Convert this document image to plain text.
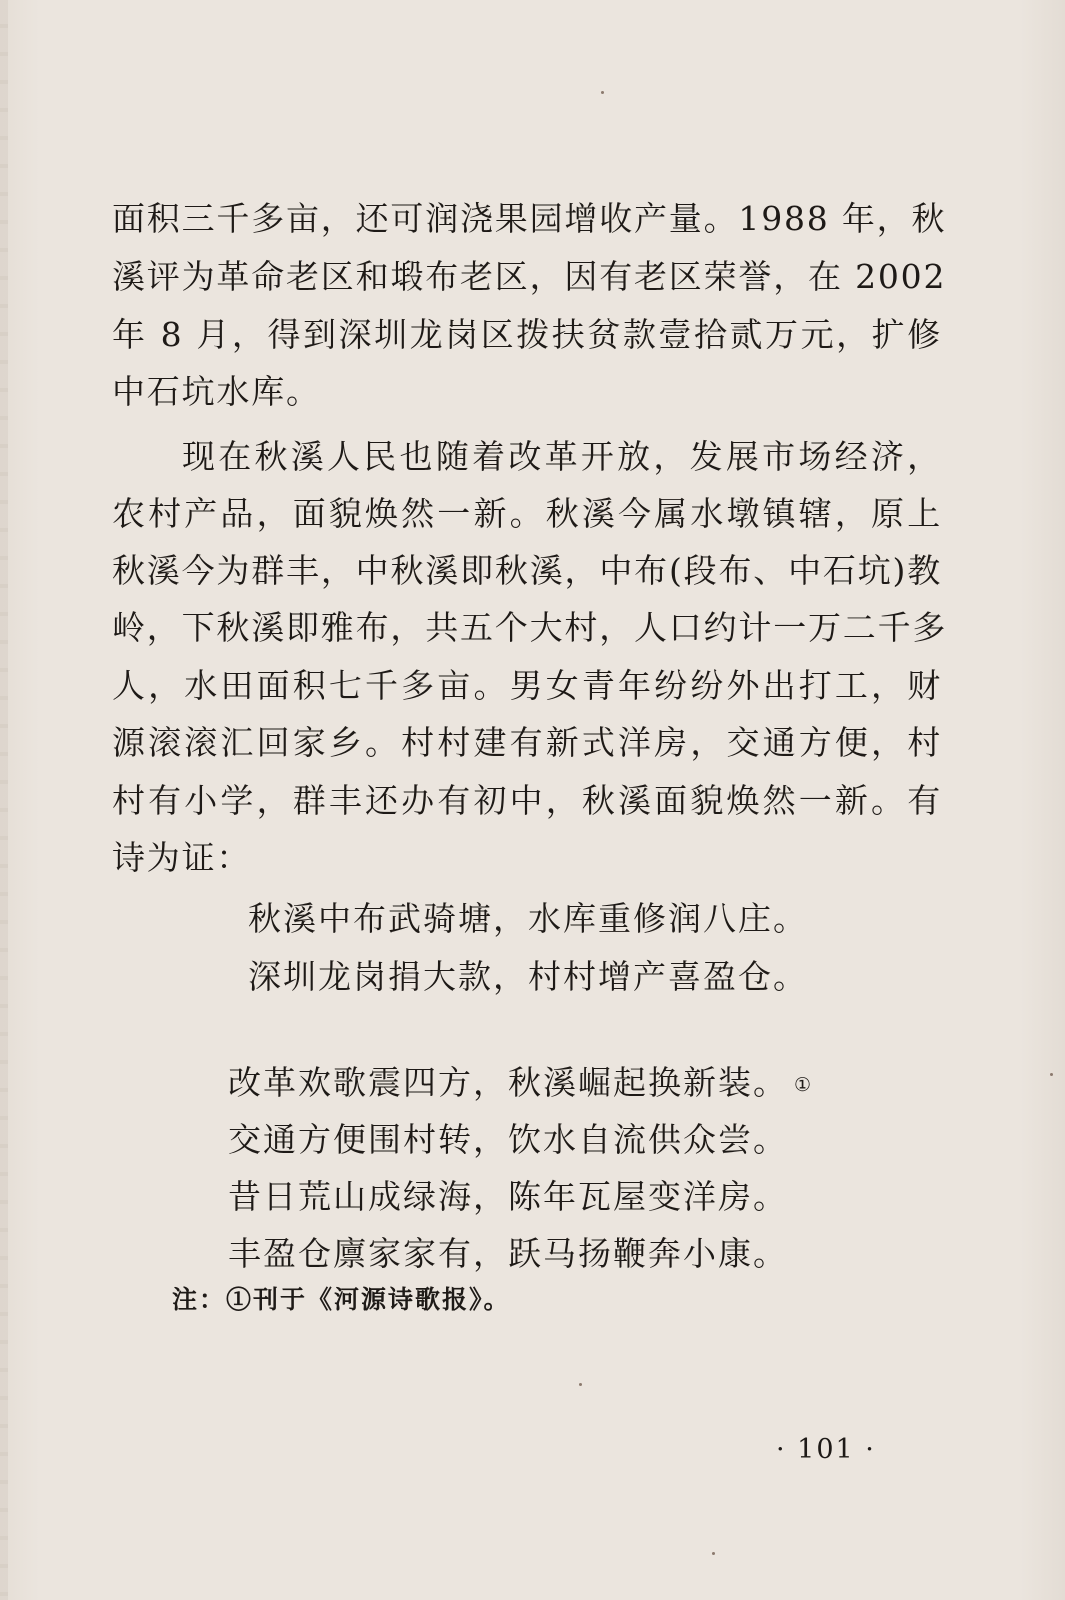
面积三千多亩，还可润浇果园增收产量。1988 年，秋
溪评为革命老区和塅布老区，因有老区荣誉，在 2002
年 8 月，得到深圳龙岗区拨扶贫款壹拾贰万元，扩修
中石坑水库。
现在秋溪人民也随着改革开放，发展市场经济，
农村产品，面貌焕然一新。秋溪今属水墩镇辖，原上
秋溪今为群丰，中秋溪即秋溪，中布(段布、中石坑)教
岭，下秋溪即雅布，共五个大村，人口约计一万二千多
人，水田面积七千多亩。男女青年纷纷外出打工，财
源滚滚汇回家乡。村村建有新式洋房，交通方便，村
村有小学，群丰还办有初中，秋溪面貌焕然一新。有
诗为证：
秋溪中布武骑塘，水库重修润八庄。
深圳龙岗捐大款，村村增产喜盈仓。
改革欢歌震四方，秋溪崛起换新装。 ①
交通方便围村转，饮水自流供众尝。
昔日荒山成绿海，陈年瓦屋变洋房。
丰盈仓廪家家有，跃马扬鞭奔小康。
注：①刊于《河源诗歌报》。
· 101 ·
